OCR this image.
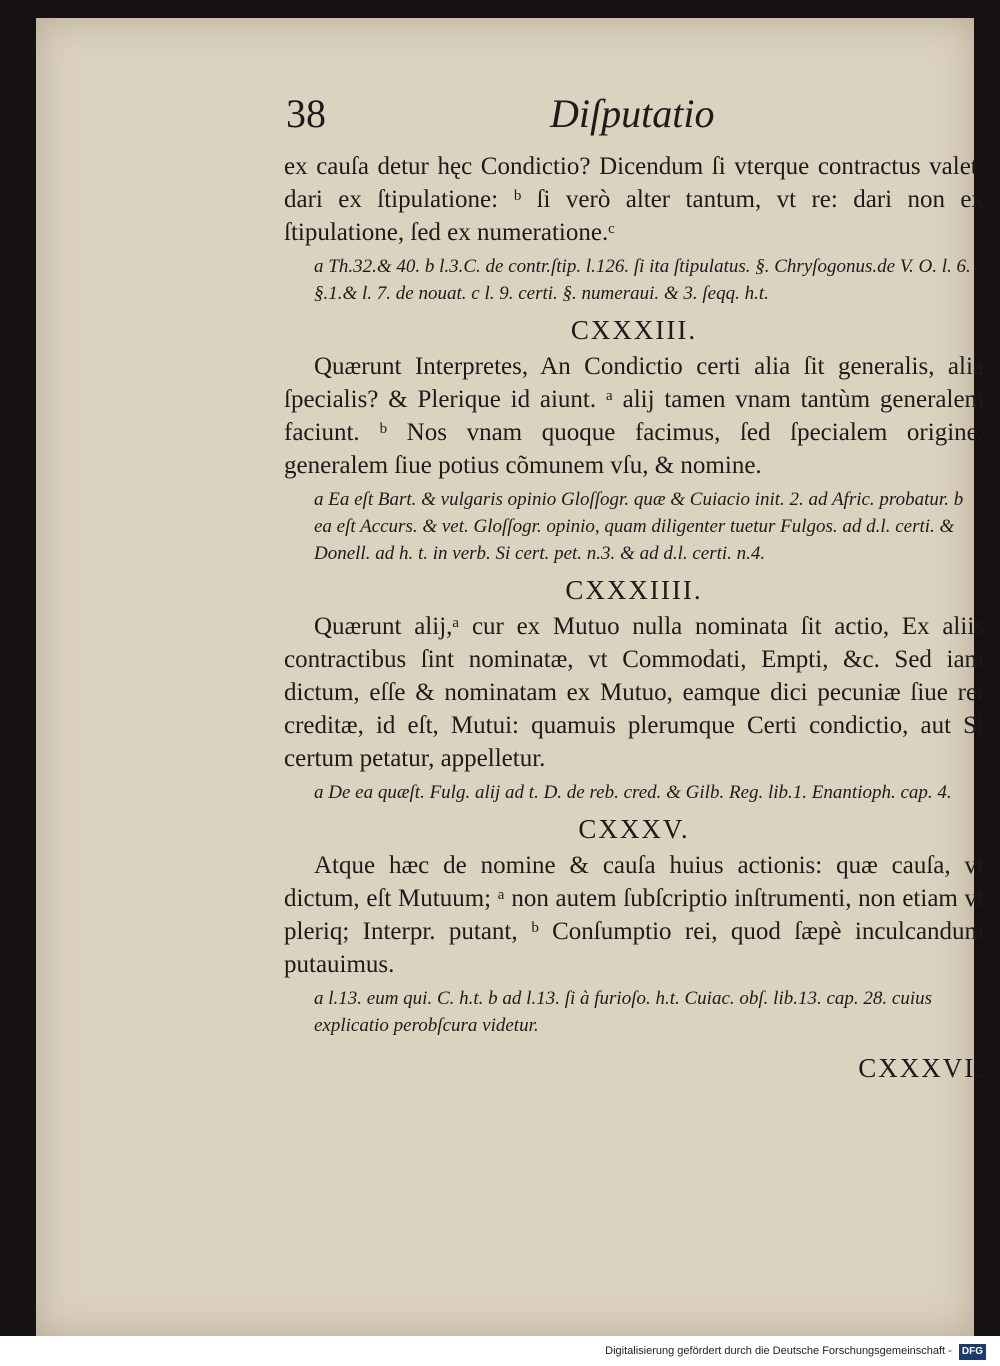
38	Diſputatio

ex cauſa detur hęc Condictio? Dicendum ſi vterque contractus valet, dari ex ſtipulatione: ᵇ ſi verò alter tantum, vt re: dari non ex ſtipulatione, ſed ex numeratione.ᶜ

a Th.32.& 40. b l.3.C. de contr.ſtip. l.126. ſi ita ſtipulatus. §. Chryſogonus.de V. O. l. 6. §.1.& l. 7. de nouat. c l. 9. certi. §. numeraui. & 3. ſeqq. h.t.

CXXXIII.

Quærunt Interpretes, An Condictio certi alia ſit generalis, alia ſpecialis? & Plerique id aiunt. ᵃ alij tamen vnam tantùm generalem faciunt. ᵇ Nos vnam quoque facimus, ſed ſpecialem origine, generalem ſiue potius cõmunem vſu, & nomine.

a Ea eſt Bart. & vulgaris opinio Gloſſogr. quæ & Cuiacio init. 2. ad Afric. probatur. b ea eſt Accurs. & vet. Gloſſogr. opinio, quam diligenter tuetur Fulgos. ad d.l. certi. & Donell. ad h. t. in verb. Si cert. pet. n.3. & ad d.l. certi. n.4.

CXXXIIII.

Quærunt alij,ᵃ cur ex Mutuo nulla nominata ſit actio, Ex aliis contractibus ſint nominatæ, vt Commodati, Empti, &c. Sed iam dictum, eſſe & nominatam ex Mutuo, eamque dici pecuniæ ſiue rei creditæ, id eſt, Mutui: quamuis plerumque Certi condictio, aut Si certum petatur, appelletur.

a De ea quæſt. Fulg. alij ad t. D. de reb. cred. & Gilb. Reg. lib.1. Enantioph. cap. 4.

CXXXV.

Atque hæc de nomine & cauſa huius actionis: quæ cauſa, vt dictum, eſt Mutuum; ᵃ non autem ſubſcriptio inſtrumenti, non etiam vt pleriq; Interpr. putant, ᵇ Conſumptio rei, quod ſæpè inculcandum putauimus.

a l.13. eum qui. C. h.t. b ad l.13. ſi à furioſo. h.t. Cuiac. obſ. lib.13. cap. 28. cuius explicatio perobſcura videtur.

CXXXVI.
Digitalisierung gefördert durch die Deutsche Forschungsgemeinschaft - DFG
